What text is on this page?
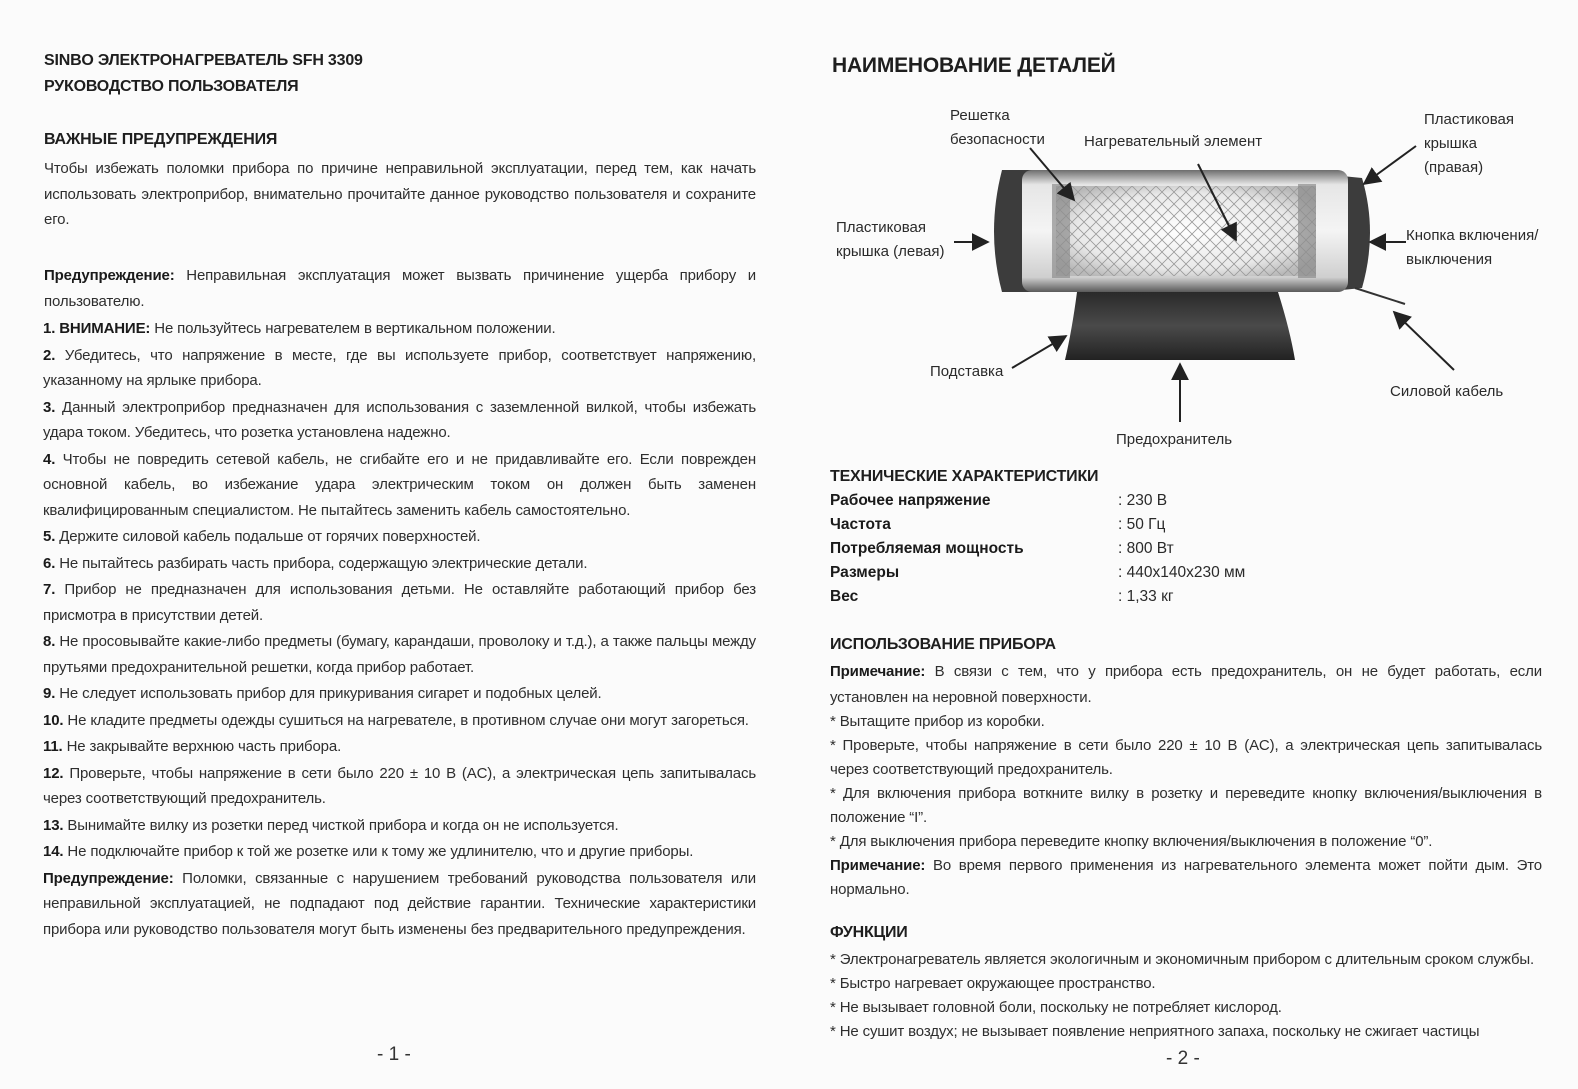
SINBO ЭЛЕКТРОНАГРЕВАТЕЛЬ SFH 3309
РУКОВОДСТВО ПОЛЬЗОВАТЕЛЯ
ВАЖНЫЕ ПРЕДУПРЕЖДЕНИЯ
Чтобы избежать поломки прибора по причине неправильной эксплуатации, перед тем, как начать использовать электроприбор, внимательно прочитайте данное руководство пользователя и сохраните его.
Предупреждение: Неправильная эксплуатация может вызвать причинение ущерба прибору и пользователю.
1. ВНИМАНИЕ: Не пользуйтесь нагревателем в вертикальном положении.
2. Убедитесь, что напряжение в месте, где вы используете прибор, соответствует напряжению, указанному на ярлыке прибора.
3. Данный электроприбор предназначен для использования с заземленной вилкой, чтобы избежать удара током. Убедитесь, что розетка установлена надежно.
4. Чтобы не повредить сетевой кабель, не сгибайте его и не придавливайте его. Если поврежден основной кабель, во избежание удара электрическим током он должен быть заменен квалифицированным специалистом. Не пытайтесь заменить кабель самостоятельно.
5. Держите силовой кабель подальше от горячих поверхностей.
6. Не пытайтесь разбирать часть прибора, содержащую электрические детали.
7. Прибор не предназначен для использования детьми. Не оставляйте работающий прибор без присмотра в присутствии детей.
8. Не просовывайте какие-либо предметы (бумагу, карандаши, проволоку и т.д.), а также пальцы между прутьями предохранительной решетки, когда прибор работает.
9. Не следует использовать прибор для прикуривания сигарет и подобных целей.
10. Не кладите предметы одежды сушиться на нагревателе, в противном случае они могут загореться.
11. Не закрывайте верхнюю часть прибора.
12. Проверьте, чтобы напряжение в сети было 220 ± 10 В (AC), а электрическая цепь запитывалась через соответствующий предохранитель.
13. Вынимайте вилку из розетки перед чисткой прибора и когда он не используется.
14. Не подключайте прибор к той же розетке или к тому же удлинителю, что и другие приборы.
Предупреждение: Поломки, связанные с нарушением требований руководства пользователя или неправильной эксплуатацией, не подпадают под действие гарантии. Технические характеристики прибора или руководство пользователя могут быть изменены без предварительного предупреждения.
- 1 -
НАИМЕНОВАНИЕ ДЕТАЛЕЙ
Решетка
безопасности	Нагревательный элемент
Пластиковая
крышка
(правая)
Пластиковая
крышка (левая)
Кнопка включения/
выключения
Подставка
Силовой кабель
Предохранитель
ТЕХНИЧЕСКИЕ ХАРАКТЕРИСТИКИ
Рабочее напряжение	: 230 В
Частота	: 50 Гц
Потребляемая мощность	: 800 Вт
Размеры	: 440х140х230 мм
Вес	: 1,33 кг
ИСПОЛЬЗОВАНИЕ ПРИБОРА
Примечание: В связи с тем, что у прибора есть предохранитель, он не будет работать, если установлен на неровной поверхности.
* Вытащите прибор из коробки.
* Проверьте, чтобы напряжение в сети было 220 ± 10 В (AC), а электрическая цепь запитывалась через соответствующий предохранитель.
* Для включения прибора воткните вилку в розетку и переведите кнопку включения/выключения в положение “I”.
* Для выключения прибора переведите кнопку включения/выключения в положение “0”.
Примечание: Во время первого применения из нагревательного элемента может пойти дым. Это нормально.
ФУНКЦИИ
* Электронагреватель является экологичным и экономичным прибором с длительным сроком службы.
* Быстро нагревает окружающее пространство.
* Не вызывает головной боли, поскольку не потребляет кислород.
* Не сушит воздух; не вызывает появление неприятного запаха, поскольку не сжигает частицы
- 2 -
